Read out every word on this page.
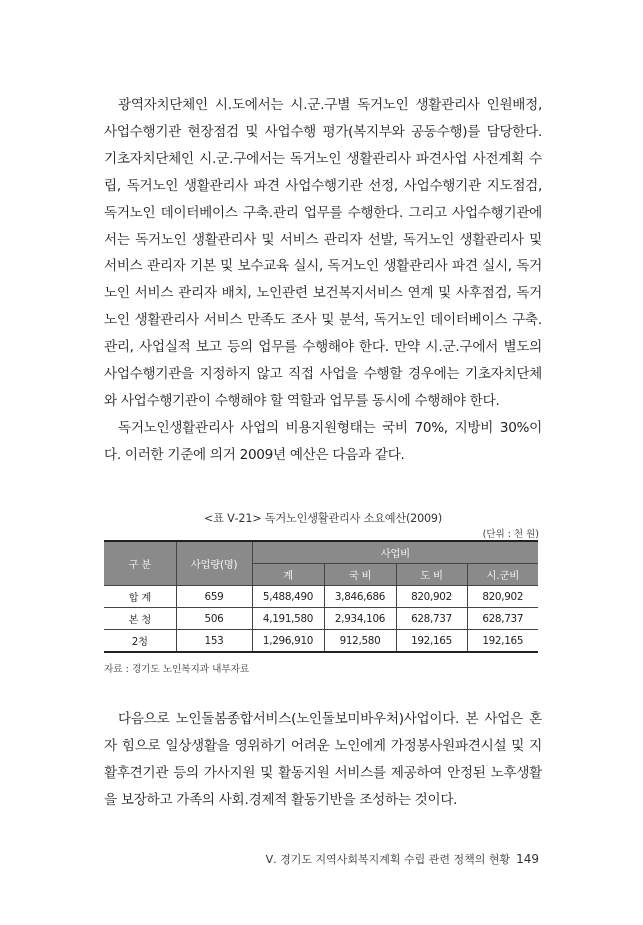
광역자치단체인 시․도에서는 시․군․구별 독거노인 생활관리사 인원배정, 사업수행기관 현장점검 및 사업수행 평가(복지부와 공동수행)를 담당한다. 기초자치단체인 시․군․구에서는 독거노인 생활관리사 파견사업 사전계획 수립, 독거노인 생활관리사 파견 사업수행기관 선정, 사업수행기관 지도점검, 독거노인 데이터베이스 구축․관리 업무를 수행한다. 그리고 사업수행기관에서는 독거노인 생활관리사 및 서비스 관리자 선발, 독거노인 생활관리사 및 서비스 관리자 기본 및 보수교육 실시, 독거노인 생활관리사 파견 실시, 독거노인 서비스 관리자 배치, 노인관련 보건복지서비스 연계 및 사후점검, 독거노인 생활관리사 서비스 만족도 조사 및 분석, 독거노인 데이터베이스 구축․관리, 사업실적 보고 등의 업무를 수행해야 한다. 만약 시․군․구에서 별도의 사업수행기관을 지정하지 않고 직접 사업을 수행할 경우에는 기초자치단체와 사업수행기관이 수행해야 할 역할과 업무를 동시에 수행해야 한다.

독거노인생활관리사 사업의 비용지원형태는 국비 70%, 지방비 30%이다. 이러한 기준에 의거 2009년 예산은 다음과 같다.

<표 Ⅴ-21> 독거노인생활관리사 소요예산(2009)
(단위 : 천 원)
구 분	사업량(명)	사업비			
		계	국 비	도 비	시․군비
합 계	659	5,488,490	3,846,686	820,902	820,902
본 청	506	4,191,580	2,934,106	628,737	628,737
2청	153	1,296,910	912,580	192,165	192,165
자료 : 경기도 노인복지과 내부자료

다음으로 노인돌봄종합서비스(노인돌보미바우처)사업이다. 본 사업은 혼자 힘으로 일상생활을 영위하기 어려운 노인에게 가정봉사원파견시설 및 지활후견기관 등의 가사지원 및 활동지원 서비스를 제공하여 안정된 노후생활을 보장하고 가족의 사회․경제적 활동기반을 조성하는 것이다.

Ⅴ. 경기도 지역사회복지계획 수립 관련 정책의 현황 149
